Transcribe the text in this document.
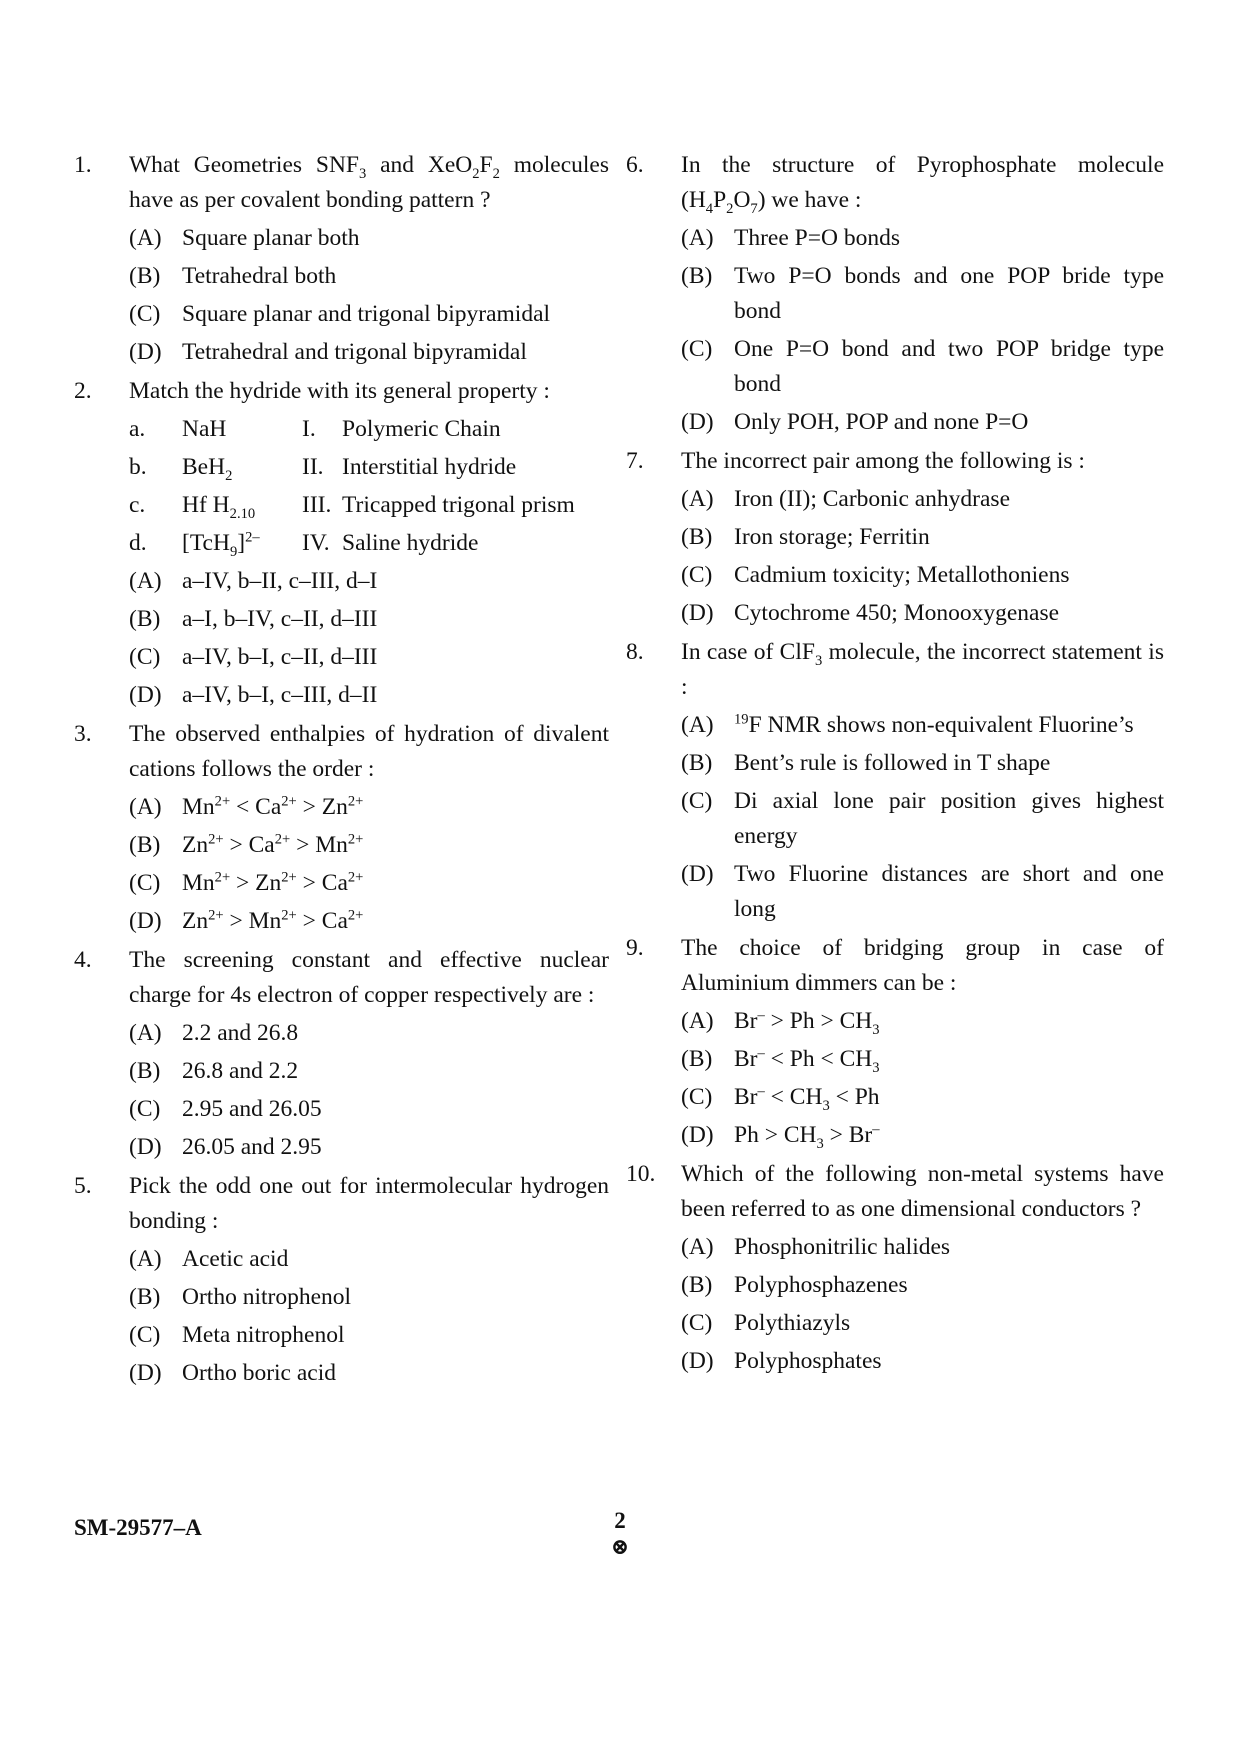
1. What Geometries $SNF_3$ and $XeO_2F_2$ molecules have as per covalent bonding pattern ?
(A) Square planar both
(B) Tetrahedral both
(C) Square planar and trigonal bipyramidal
(D) Tetrahedral and trigonal bipyramidal
2. Match the hydride with its general property :
a.	NaH	I.	Polymeric Chain
b.	BeH$_2$	II. Interstitial hydride
c.	Hf $H_{2.10}$	III. Tricapped trigonal prism
d.	$[TcH_9]^{2-}$	IV. Saline hydride
(A) a–IV, b–II, c–III, d–I
(B) a–I, b–IV, c–II, d–III
(C) a–IV, b–I, c–II, d–III
(D) a–IV, b–I, c–III, d–II
3. The observed enthalpies of hydration of divalent cations follows the order :
(A) $Mn^{2+} < Ca^{2+} > Zn^{2+}$
(B) $Zn^{2+} > Ca^{2+} > Mn^{2+}$
(C) $Mn^{2+} > Zn^{2+} > Ca^{2+}$
(D) $Zn^{2+} > Mn^{2+} > Ca^{2+}$
4. The screening constant and effective nuclear charge for 4s electron of copper respectively are :
(A) 2.2 and 26.8
(B) 26.8 and 2.2
(C) 2.95 and 26.05
(D) 26.05 and 2.95
5. Pick the odd one out for intermolecular hydrogen bonding :
(A) Acetic acid
(B) Ortho nitrophenol
(C) Meta nitrophenol
(D) Ortho boric acid
6. In the structure of Pyrophosphate molecule $(H_4P_2O_7)$ we have :
(A) Three P=O bonds
(B) Two P=O bonds and one POP bride type bond
(C) One P=O bond and two POP bridge type bond
(D) Only POH, POP and none P=O
7. The incorrect pair among the following is :
(A) Iron (II); Carbonic anhydrase
(B) Iron storage; Ferritin
(C) Cadmium toxicity; Metallothoniens
(D) Cytochrome 450; Monooxygenase
8. In case of ClF$_3$ molecule, the incorrect statement is :
(A) $^{19}$F NMR shows non-equivalent Fluorine’s
(B) Bent’s rule is followed in T shape
(C) Di axial lone pair position gives highest energy
(D) Two Fluorine distances are short and one long
9. The choice of bridging group in case of Aluminium dimmers can be :
(A) $Br^- > Ph > CH_3$
(B) $Br^- < Ph < CH_3$
(C) $Br^- < CH_3 < Ph$
(D) $Ph > CH_3 > Br^-$
10. Which of the following non-metal systems have been referred to as one dimensional conductors ?
(A) Phosphonitrilic halides
(B) Polyphosphazenes
(C) Polythiazyls
(D) Polyphosphates
SM-29577–A	2
⊗
